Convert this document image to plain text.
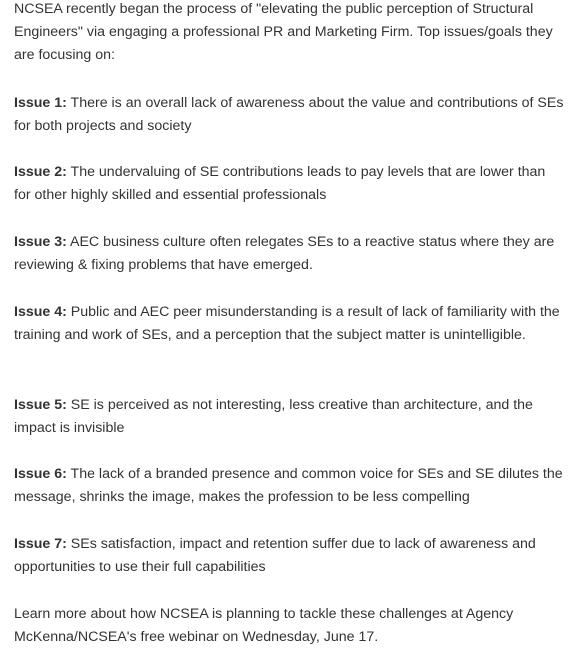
NCSEA recently began the process of "elevating the public perception of Structural Engineers" via engaging a professional PR and Marketing Firm. Top issues/goals they are focusing on:

Issue 1: There is an overall lack of awareness about the value and contributions of SEs for both projects and society

Issue 2: The undervaluing of SE contributions leads to pay levels that are lower than for other highly skilled and essential professionals

Issue 3: AEC business culture often relegates SEs to a reactive status where they are reviewing & fixing problems that have emerged.

Issue 4: Public and AEC peer misunderstanding is a result of lack of familiarity with the training and work of SEs, and a perception that the subject matter is unintelligible.

Issue 5: SE is perceived as not interesting, less creative than architecture, and the impact is invisible

Issue 6: The lack of a branded presence and common voice for SEs and SE dilutes the message, shrinks the image, makes the profession to be less compelling

Issue 7: SEs satisfaction, impact and retention suffer due to lack of awareness and opportunities to use their full capabilities

Learn more about how NCSEA is planning to tackle these challenges at Agency McKenna/NCSEA's free webinar on Wednesday, June 17.
